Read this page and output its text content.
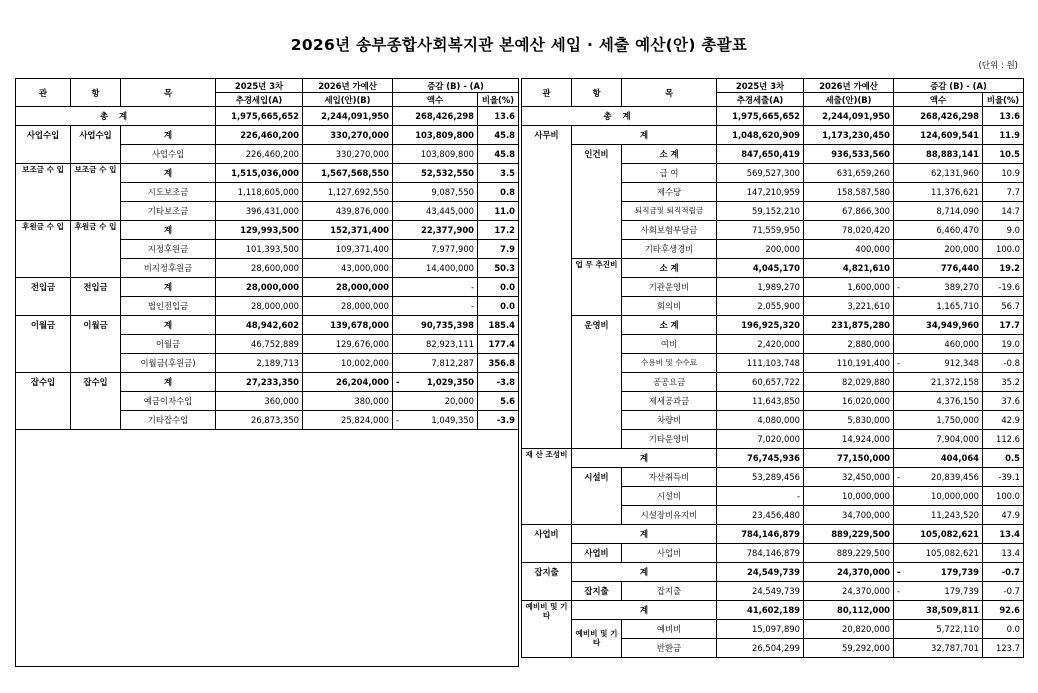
2026년 송부종합사회복지관 본예산 세입 · 세출 예산(안) 총괄표
(단위 : 원)
관	항	목	2025년 3차	2026년 가예산	증감 (B) - (A)	
			추경세입(A)	세입(안)(B)	액수	비율(%)
총 계			1,975,665,652	2,244,091,950	268,426,298	13.6
사업수입	사업수입	계	226,460,200	330,270,000	103,809,800	45.8
		사업수입	226,460,200	330,270,000	103,809,800	45.8
보조금 수 입	보조금 수 입	계	1,515,036,000	1,567,568,550	52,532,550	3.5
		시도보조금	1,118,605,000	1,127,692,550	9,087,550	0.8
		기타보조금	396,431,000	439,876,000	43,445,000	11.0
후원금 수 입	후원금 수 입	계	129,993,500	152,371,400	22,377,900	17.2
		지정후원금	101,393,500	109,371,400	7,977,900	7.9
		비지정후원금	28,600,000	43,000,000	14,400,000	50.3
전입금	전입금	계	28,000,000	28,000,000	-	0.0
		법인전입금	28,000,000	28,000,000	-	0.0
이월금	이월금	계	48,942,602	139,678,000	90,735,398	185.4
		이월금	46,752,889	129,676,000	82,923,111	177.4
		이월금(후원금)	2,189,713	10,002,000	7,812,287	356.8
잡수입	잡수입	계	27,233,350	26,204,000	- 1,029,350	-3.8
		예금이자수입	360,000	380,000	20,000	5.6
		기타잡수입	26,873,350	25,824,000	- 1,049,350	-3.9

관	항	목	2025년 3차	2026년 가예산	증감 (B) - (A)	
			추경세출(A)	세출(안)(B)	액수	비율(%)
총 계			1,975,665,652	2,244,091,950	268,426,298	13.6
사무비	계		1,048,620,909	1,173,230,450	124,609,541	11.9
	인건비	소 계	847,650,419	936,533,560	88,883,141	10.5
		급 여	569,527,300	631,659,260	62,131,960	10.9
		제수당	147,210,959	158,587,580	11,376,621	7.7
		퇴직금및 퇴직적립금	59,152,210	67,866,300	8,714,090	14.7
		사회보험부담금	71,559,950	78,020,420	6,460,470	9.0
		기타후생경비	200,000	400,000	200,000	100.0
	업 무 추진비	소 계	4,045,170	4,821,610	776,440	19.2
		기관운영비	1,989,270	1,600,000	- 389,270	-19.6
		회의비	2,055,900	3,221,610	1,165,710	56.7
	운영비	소 계	196,925,320	231,875,280	34,949,960	17.7
		여비	2,420,000	2,880,000	460,000	19.0
		수용비 및 수수료	111,103,748	110,191,400	- 912,348	-0.8
		공공요금	60,657,722	82,029,880	21,372,158	35.2
		제세공과금	11,643,850	16,020,000	4,376,150	37.6
		차량비	4,080,000	5,830,000	1,750,000	42.9
		기타운영비	7,020,000	14,924,000	7,904,000	112.6
재 산 조성비	계		76,745,936	77,150,000	404,064	0.5
	시설비	자산취득비	53,289,456	32,450,000	- 20,839,456	-39.1
		시설비	-	10,000,000	10,000,000	100.0
		시설장비유지비	23,456,480	34,700,000	11,243,520	47.9
사업비	계		784,146,879	889,229,500	105,082,621	13.4
	사업비	사업비	784,146,879	889,229,500	105,082,621	13.4
잡지출	계		24,549,739	24,370,000	- 179,739	-0.7
	잡지출	잡지출	24,549,739	24,370,000	- 179,739	-0.7
예비비 및 기타	계		41,602,189	80,112,000	38,509,811	92.6
	예비비 및 기타	예비비	15,097,890	20,820,000	5,722,110	0.0
		반환금	26,504,299	59,292,000	32,787,701	123.7
